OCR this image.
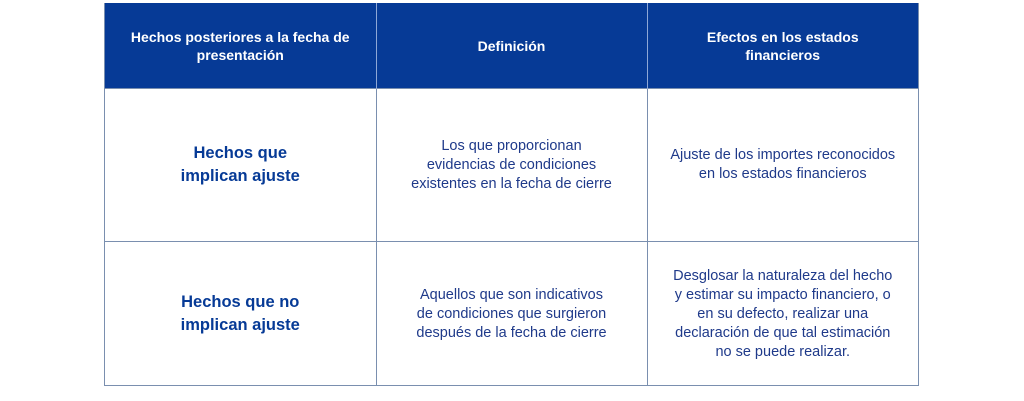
Hechos posteriores a la fecha de presentación	Definición	Efectos en los estados financieros
Hechos que implican ajuste	Los que proporcionan evidencias de condiciones existentes en la fecha de cierre	Ajuste de los importes reconocidos en los estados financieros
Hechos que no implican ajuste	Aquellos que son indicativos de condiciones que surgieron después de la fecha de cierre	Desglosar la naturaleza del hecho y estimar su impacto financiero, o en su defecto, realizar una declaración de que tal estimación no se puede realizar.
